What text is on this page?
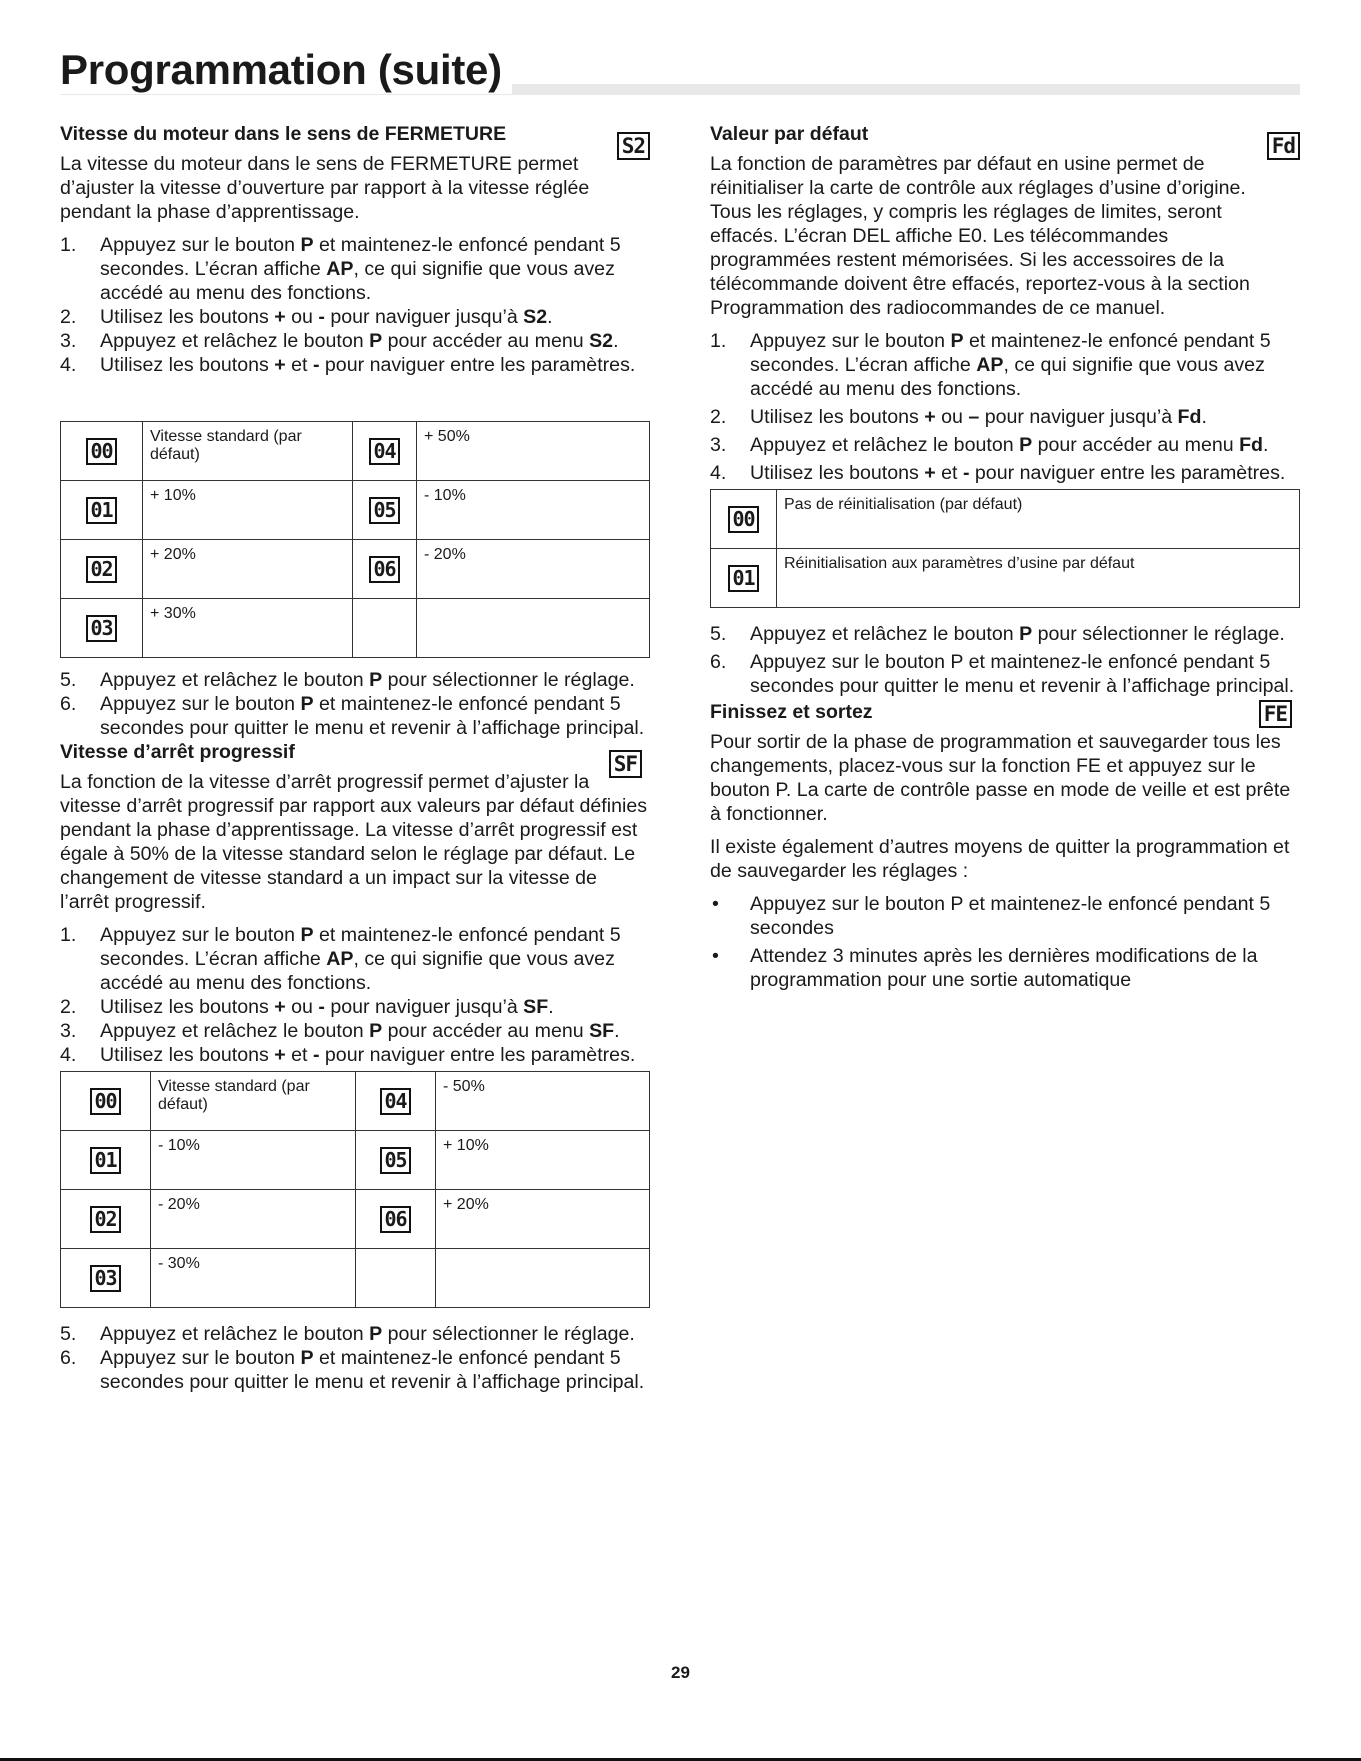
Programmation (suite)
Vitesse du moteur dans le sens de FERMETURE	S2

La vitesse du moteur dans le sens de FERMETURE permet d’ajuster la vitesse d’ouverture par rapport à la vitesse réglée pendant la phase d’apprentissage.

1. Appuyez sur le bouton P et maintenez-le enfoncé pendant 5 secondes. L’écran affiche AP, ce qui signifie que vous avez accédé au menu des fonctions.
2. Utilisez les boutons + ou - pour naviguer jusqu’à S2.
3. Appuyez et relâchez le bouton P pour accéder au menu S2.
4. Utilisez les boutons + et - pour naviguer entre les paramètres.
00	Vitesse standard (par défaut)	04	+ 50%
01	+ 10%	05	- 10%
02	+ 20%	06	- 20%
03	+ 30%		
5. Appuyez et relâchez le bouton P pour sélectionner le réglage.
6. Appuyez sur le bouton P et maintenez-le enfoncé pendant 5 secondes pour quitter le menu et revenir à l’affichage principal.
Vitesse d’arrêt progressif	SF

La fonction de la vitesse d’arrêt progressif permet d’ajuster la vitesse d’arrêt progressif par rapport aux valeurs par défaut définies pendant la phase d’apprentissage. La vitesse d’arrêt progressif est égale à 50% de la vitesse standard selon le réglage par défaut. Le changement de vitesse standard a un impact sur la vitesse de l’arrêt progressif.

1. Appuyez sur le bouton P et maintenez-le enfoncé pendant 5 secondes. L’écran affiche AP, ce qui signifie que vous avez accédé au menu des fonctions.
2. Utilisez les boutons + ou - pour naviguer jusqu’à SF.
3. Appuyez et relâchez le bouton P pour accéder au menu SF.
4. Utilisez les boutons + et - pour naviguer entre les paramètres.
00	Vitesse standard (par défaut)	04	- 50%
01	- 10%	05	+ 10%
02	- 20%	06	+ 20%
03	- 30%		
5. Appuyez et relâchez le bouton P pour sélectionner le réglage.
6. Appuyez sur le bouton P et maintenez-le enfoncé pendant 5 secondes pour quitter le menu et revenir à l’affichage principal.
Valeur par défaut	Fd

La fonction de paramètres par défaut en usine permet de réinitialiser la carte de contrôle aux réglages d’usine d’origine. Tous les réglages, y compris les réglages de limites, seront effacés. L’écran DEL affiche E0. Les télécommandes programmées restent mémorisées. Si les accessoires de la télécommande doivent être effacés, reportez-vous à la section Programmation des radiocommandes de ce manuel.

1. Appuyez sur le bouton P et maintenez-le enfoncé pendant 5 secondes. L’écran affiche AP, ce qui signifie que vous avez accédé au menu des fonctions.
2. Utilisez les boutons + ou – pour naviguer jusqu’à Fd.
3. Appuyez et relâchez le bouton P pour accéder au menu Fd.
4. Utilisez les boutons + et - pour naviguer entre les paramètres.
00	Pas de réinitialisation (par défaut)
01	Réinitialisation aux paramètres d’usine par défaut
5. Appuyez et relâchez le bouton P pour sélectionner le réglage.
6. Appuyez sur le bouton P et maintenez-le enfoncé pendant 5 secondes pour quitter le menu et revenir à l’affichage principal.
Finissez et sortez	FE

Pour sortir de la phase de programmation et sauvegarder tous les changements, placez-vous sur la fonction FE et appuyez sur le bouton P. La carte de contrôle passe en mode de veille et est prête à fonctionner.

Il existe également d’autres moyens de quitter la programmation et de sauvegarder les réglages :

• Appuyez sur le bouton P et maintenez-le enfoncé pendant 5 secondes
• Attendez 3 minutes après les dernières modifications de la programmation pour une sortie automatique
29
